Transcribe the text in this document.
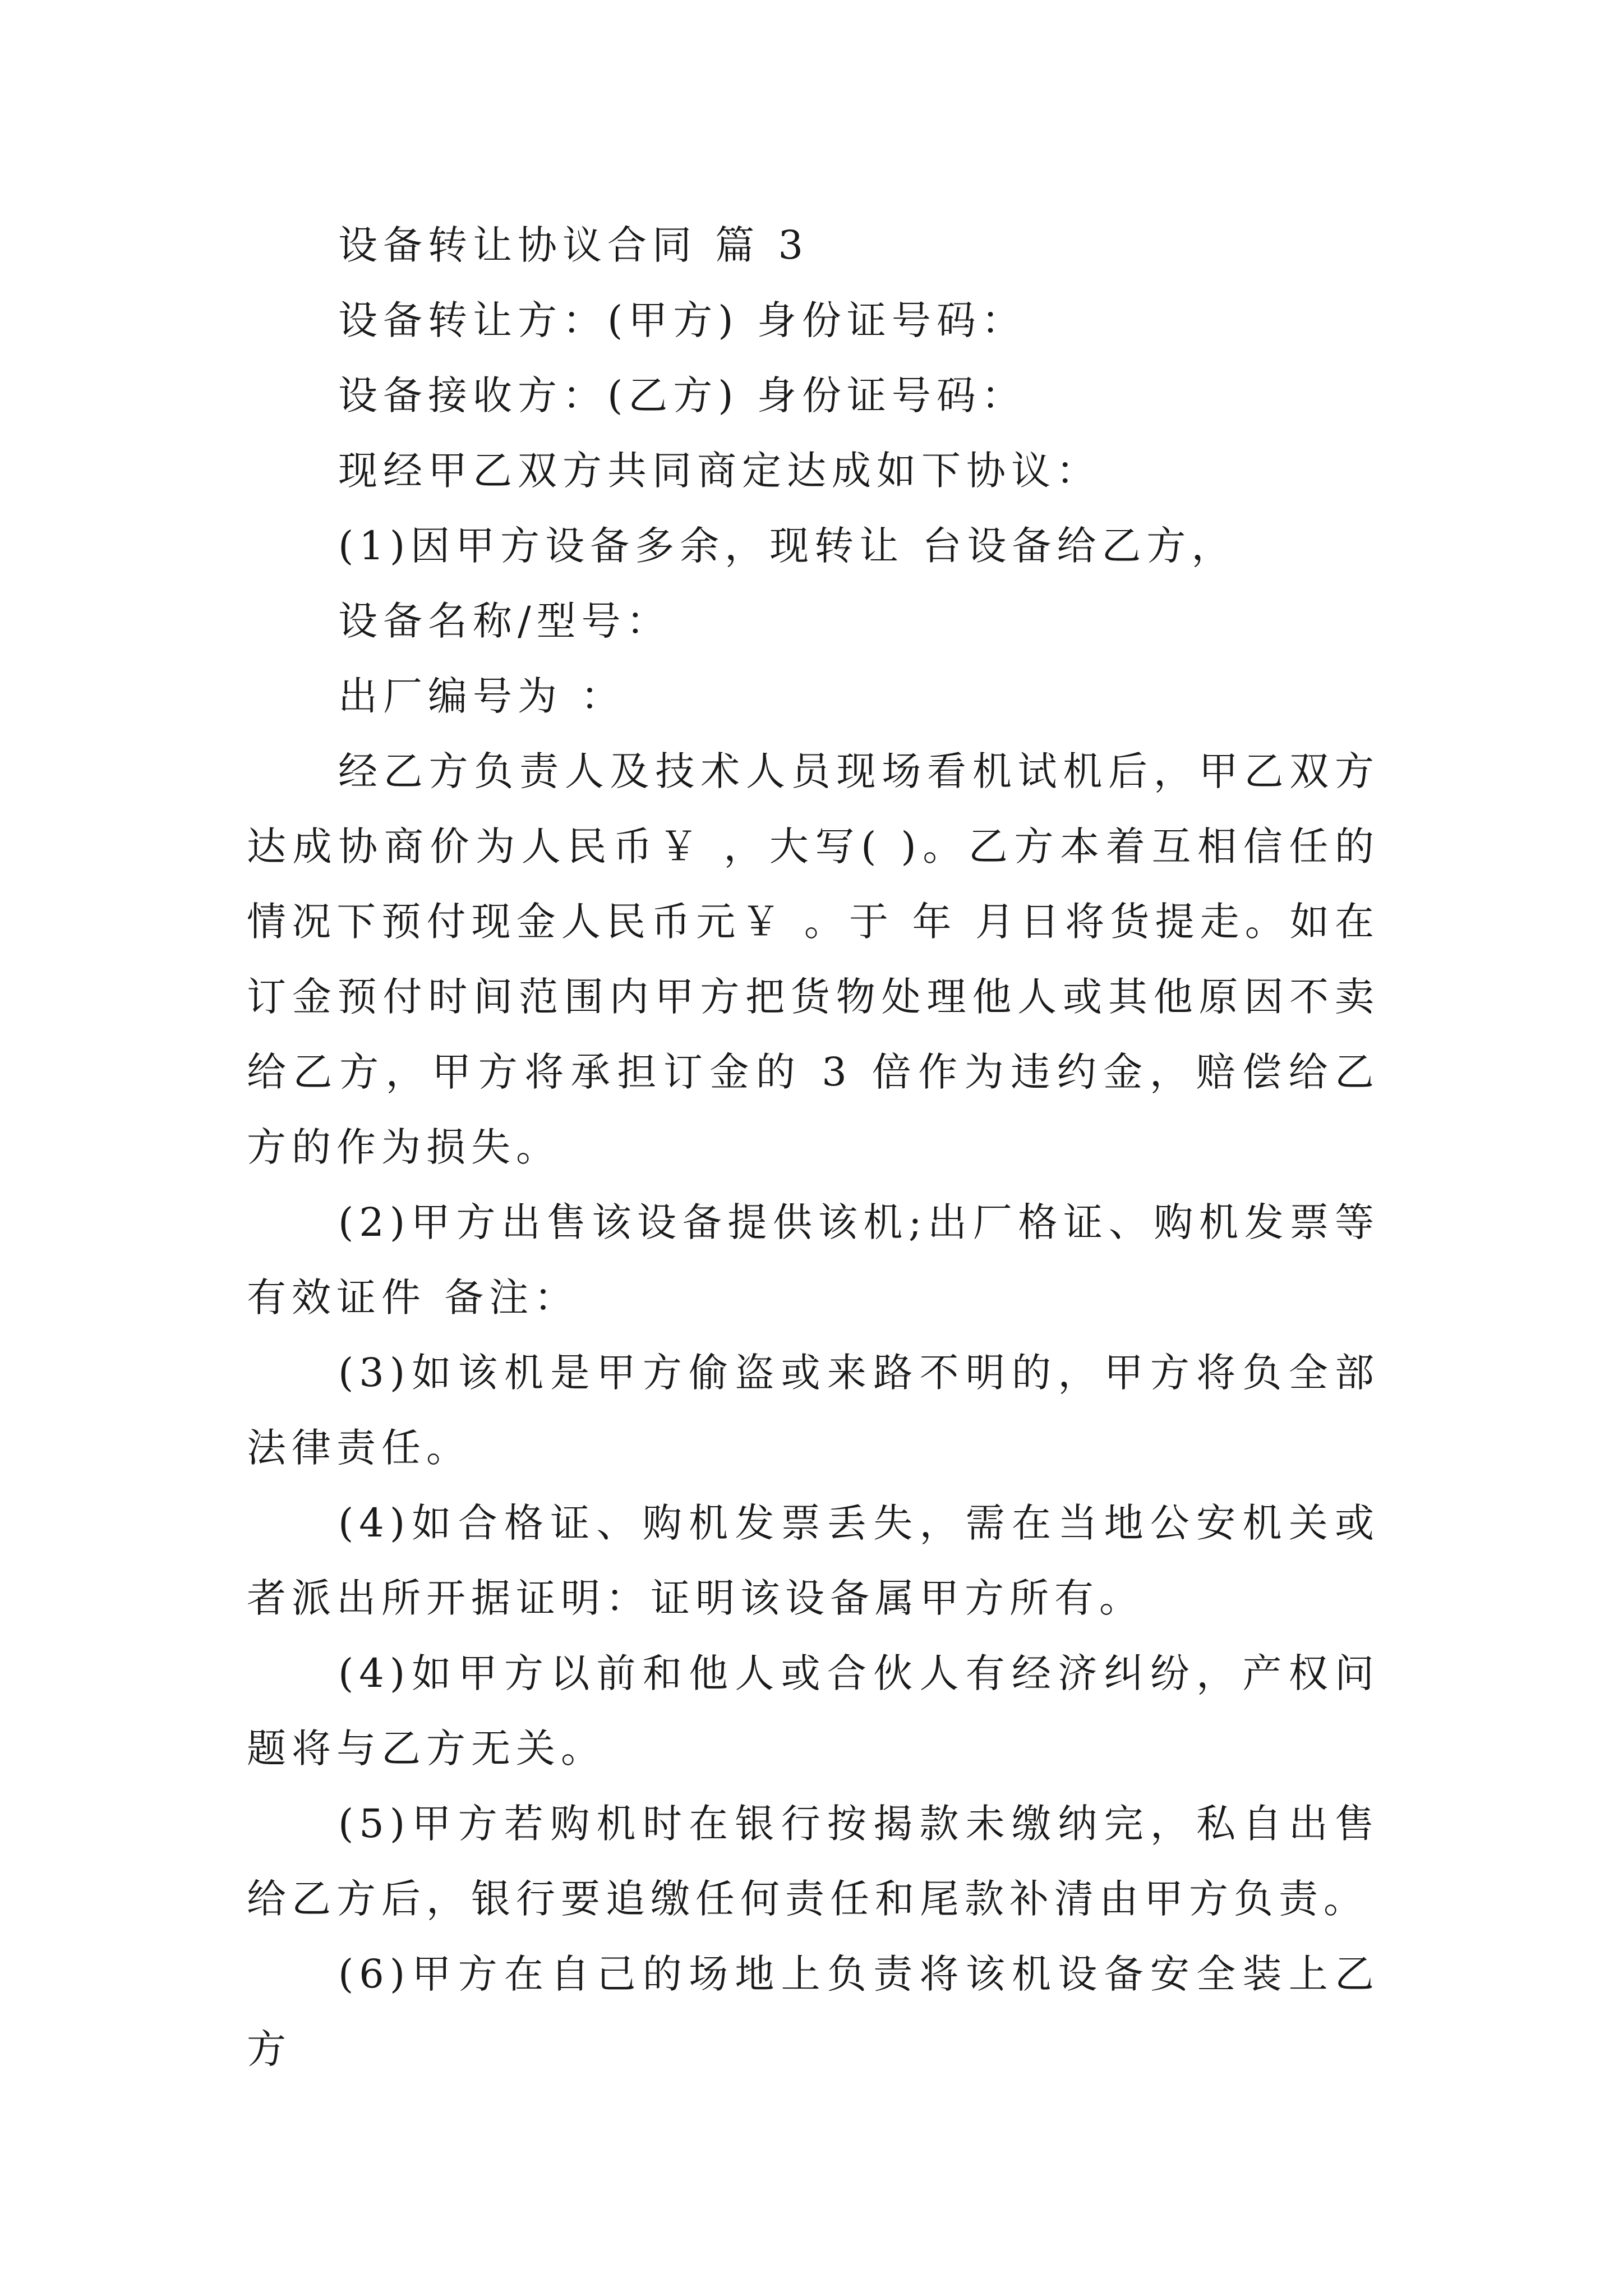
设备转让协议合同 篇 3

设备转让方：(甲方) 身份证号码：

设备接收方：(乙方) 身份证号码：

现经甲乙双方共同商定达成如下协议：

(1)因甲方设备多余，现转让 台设备给乙方，

设备名称/型号：

出厂编号为 ：

经乙方负责人及技术人员现场看机试机后，甲乙双方达成协商价为人民币￥ ，大写( )。乙方本着互相信任的情况下预付现金人民币元￥ 。于 年 月日将货提走。如在订金预付时间范围内甲方把货物处理他人或其他原因不卖给乙方，甲方将承担订金的 3 倍作为违约金，赔偿给乙方的作为损失。

(2)甲方出售该设备提供该机;出厂格证、购机发票等有效证件 备注：

(3)如该机是甲方偷盗或来路不明的，甲方将负全部法律责任。

(4)如合格证、购机发票丢失，需在当地公安机关或者派出所开据证明：证明该设备属甲方所有。

(4)如甲方以前和他人或合伙人有经济纠纷，产权问题将与乙方无关。

(5)甲方若购机时在银行按揭款未缴纳完，私自出售给乙方后，银行要追缴任何责任和尾款补清由甲方负责。

(6)甲方在自己的场地上负责将该机设备安全装上乙方
